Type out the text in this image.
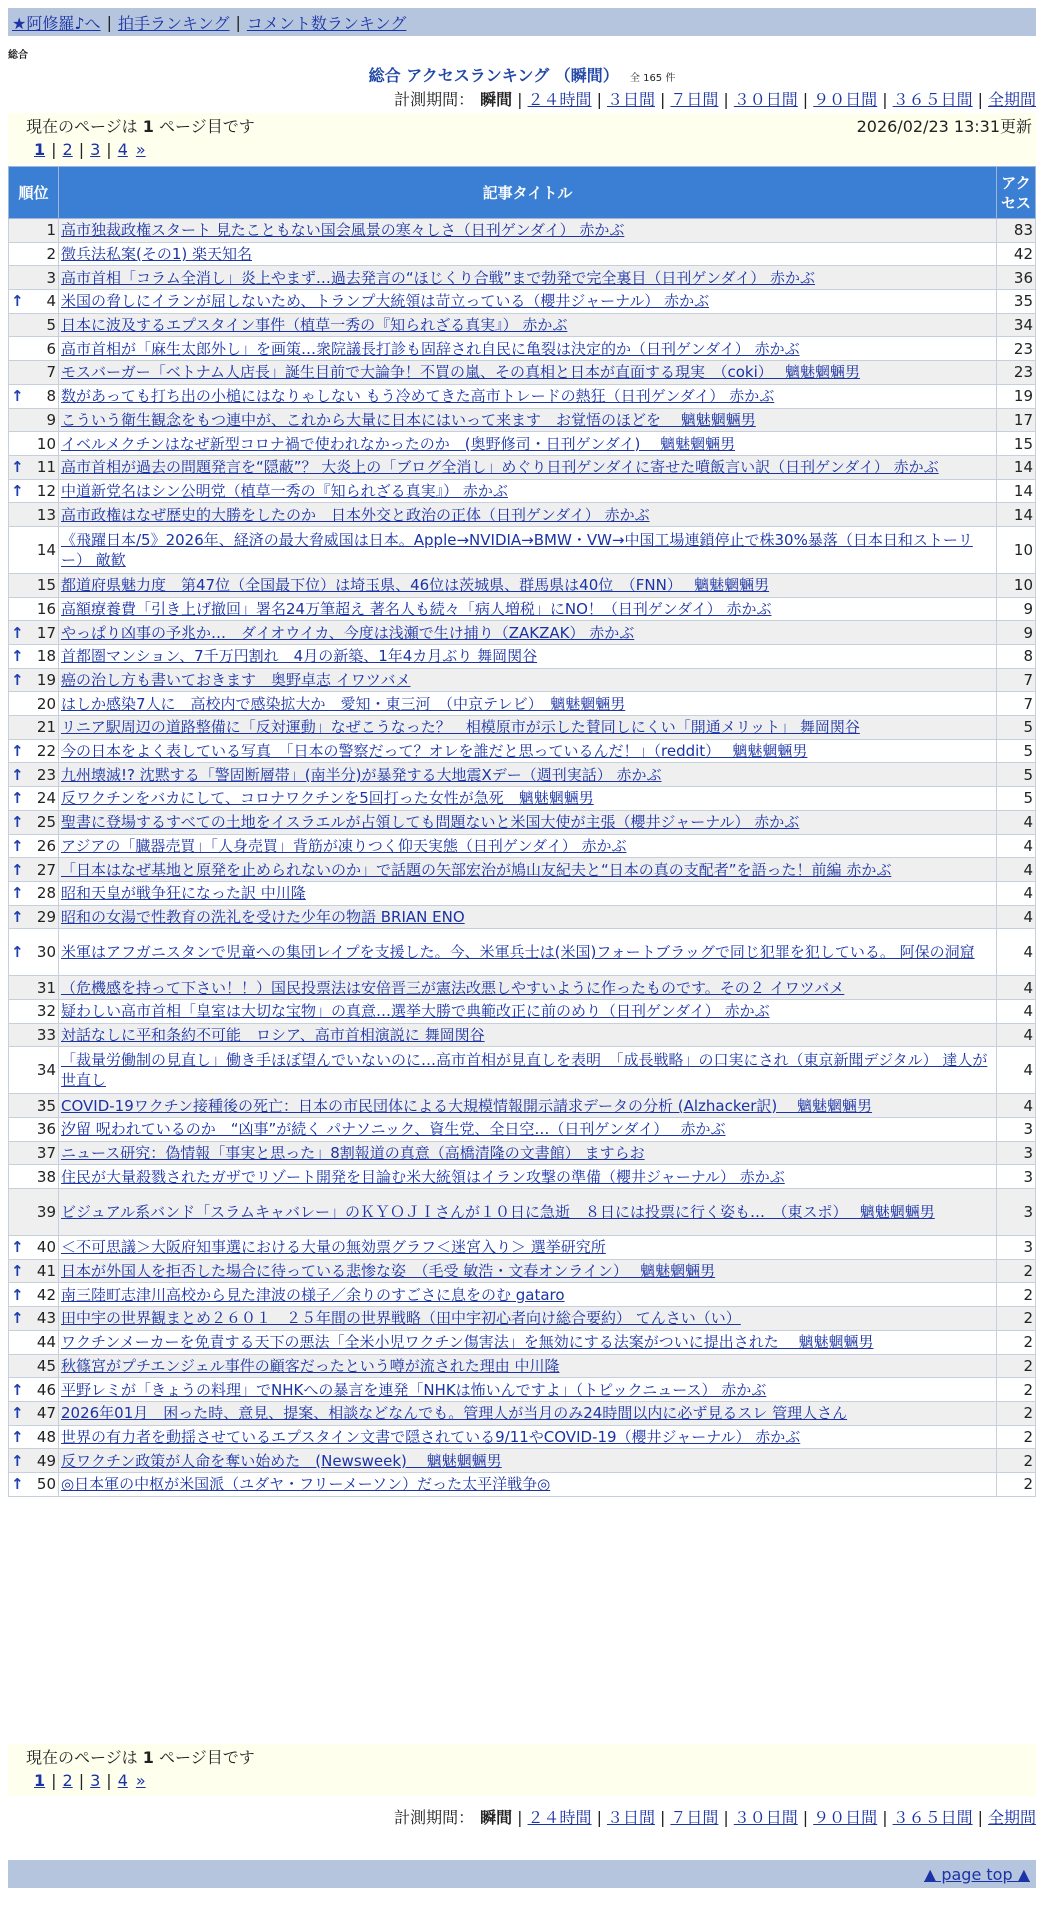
★阿修羅♪へ | 拍手ランキング | コメント数ランキング
総合
総合 アクセスランキング （瞬間） 全 165 件
計測期間： 瞬間 | ２４時間 | ３日間 | ７日間 | ３０日間 | ９０日間 | ３６５日間 | 全期間
現在のページは 1 ページ目です	2026/02/23 13:31更新
1 | 2 | 3 | 4 »
順位	記事タイトル	アクセス
1	高市独裁政権スタート 見たこともない国会風景の寒々しさ（日刊ゲンダイ） 赤かぶ	83
2	徴兵法私案(その1) 楽天知名	42
3	高市首相「コラム全消し」炎上やまず…過去発言の“ほじくり合戦”まで勃発で完全裏目（日刊ゲンダイ） 赤かぶ	36

↑ 4	米国の脅しにイランが屈しないため、トランプ大統領は苛立っている（櫻井ジャーナル） 赤かぶ	35
5	日本に波及するエプスタイン事件（植草一秀の『知られざる真実』） 赤かぶ	34
6	高市首相が「麻生太郎外し」を画策…衆院議長打診も固辞され自民に亀裂は決定的か（日刊ゲンダイ） 赤かぶ	23
7	モスバーガー「ベトナム人店長」誕生目前で大論争！不買の嵐、その真相と日本が直面する現実　（coki）　 魑魅魍魎男	23

↑ 8	数があっても打ち出の小槌にはなりゃしない もう冷めてきた高市トレードの熱狂（日刊ゲンダイ） 赤かぶ	19
9	こういう衛生観念をもつ連中が、これから大量に日本にはいって来ます　お覚悟のほどを　 魑魅魍魎男	17
10	イベルメクチンはなぜ新型コロナ禍で使われなかったのか　(奥野修司・日刊ゲンダイ)　 魑魅魍魎男	15

↑ 11	高市首相が過去の問題発言を“隠蔽”？ 大炎上の「ブログ全消し」めぐり日刊ゲンダイに寄せた噴飯言い訳（日刊ゲンダイ） 赤かぶ	14

↑ 12	中道新党名はシン公明党（植草一秀の『知られざる真実』） 赤かぶ	14
13	高市政権はなぜ歴史的大勝をしたのか　日本外交と政治の正体（日刊ゲンダイ） 赤かぶ	14
14	《飛躍日本/5》2026年、経済の最大脅威国は日本。Apple→NVIDIA→BMW・VW→中国工場連鎖停止で株30%暴落（日本日和ストーリー） 敵歓	10
15	都道府県魅力度　第47位（全国最下位）は埼玉県、46位は茨城県、群馬県は40位　（FNN）　 魑魅魍魎男	10
16	高額療養費「引き上げ撤回」署名24万筆超え 著名人も続々「病人増税」にNO！（日刊ゲンダイ） 赤かぶ	9

↑ 17	やっぱり凶事の予兆か…　ダイオウイカ、今度は浅瀬で生け捕り（ZAKZAK） 赤かぶ	9

↑ 18	首都圏マンション、7千万円割れ　4月の新築、1年4カ月ぶり 舞岡関谷	8

↑ 19	癌の治し方も書いておきます　奥野卓志 イワツバメ	7
20	はしか感染7人に　高校内で感染拡大か　愛知・東三河　（中京テレビ）　魑魅魍魎男	7
21	リニア駅周辺の道路整備に「反対運動」なぜこうなった？　相模原市が示した賛同しにくい「開通メリット」 舞岡関谷	5

↑ 22	今の日本をよく表している写真　「日本の警察だって？オレを誰だと思っているんだ！」（reddit）　 魑魅魍魎男	5

↑ 23	九州壊滅!? 沈黙する「警固断層帯」(南半分)が暴発する大地震Xデー（週刊実話） 赤かぶ	5

↑ 24	反ワクチンをバカにして、コロナワクチンを5回打った女性が急死　魑魅魍魎男	5

↑ 25	聖書に登場するすべての土地をイスラエルが占領しても問題ないと米国大使が主張（櫻井ジャーナル） 赤かぶ	4

↑ 26	アジアの「臓器売買」「人身売買」背筋が凍りつく仰天実態（日刊ゲンダイ） 赤かぶ	4

↑ 27	「日本はなぜ基地と原発を止められないのか」で話題の矢部宏治が鳩山友紀夫と“日本の真の支配者”を語った！前編 赤かぶ	4

↑ 28	昭和天皇が戦争狂になった訳 中川隆	4

↑ 29	昭和の女湯で性教育の洗礼を受けた少年の物語 BRIAN ENO	4

↑ 30	米軍はアフガニスタンで児童への集団レイプを支援した。今、米軍兵士は(米国)フォートブラッグで同じ犯罪を犯している。 阿保の洞窟	4
31	（危機感を持って下さい！！）国民投票法は安倍晋三が憲法改悪しやすいように作ったものです。その２ イワツバメ	4
32	疑わしい高市首相「皇室は大切な宝物」の真意…選挙大勝で典範改正に前のめり（日刊ゲンダイ） 赤かぶ	4
33	対話なしに平和条約不可能　ロシア、高市首相演説に 舞岡関谷	4
34	「裁量労働制の見直し」働き手ほぼ望んでいないのに…高市首相が見直しを表明　「成長戦略」の口実にされ（東京新聞デジタル） 達人が世直し	4
35	COVID-19ワクチン接種後の死亡：日本の市民団体による大規模情報開示請求データの分析 (Alzhacker訳)　 魑魅魍魎男	4
36	汐留 呪われているのか　“凶事”が続く パナソニック、資生党、全日空…（日刊ゲンダイ）　 赤かぶ	3
37	ニュース研究：偽情報「事実と思った」8割報道の真意（高橋清隆の文書館） ますらお	3
38	住民が大量殺戮されたガザでリゾート開発を目論む米大統領はイラン攻撃の準備（櫻井ジャーナル） 赤かぶ	3
39	ビジュアル系バンド「スラムキャバレー」のＫＹＯＪＩさんが１０日に急逝　８日には投票に行く姿も…　（東スポ）　 魑魅魍魎男	3

↑ 40	＜不可思議＞大阪府知事選における大量の無効票グラフ＜迷宮入り＞ 選挙研究所	3

↑ 41	日本が外国人を拒否した場合に待っている悲惨な姿　（毛受 敏浩・文春オンライン）　 魑魅魍魎男	2

↑ 42	南三陸町志津川高校から見た津波の様子／余りのすごさに息をのむ gataro	2

↑ 43	田中宇の世界観まとめ２６０１　２５年間の世界戦略（田中宇初心者向け総合要約） てんさい（い）	2
44	ワクチンメーカーを免責する天下の悪法「全米小児ワクチン傷害法」を無効にする法案がついに提出された　 魑魅魍魎男	2
45	秋篠宮がプチエンジェル事件の顧客だったという噂が流された理由 中川隆	2

↑ 46	平野レミが「きょうの料理」でNHKへの暴言を連発「NHKは怖いんですよ」（トピックニュース） 赤かぶ	2

↑ 47	2026年01月　困った時、意見、提案、相談などなんでも。管理人が当月のみ24時間以内に必ず見るスレ 管理人さん	2

↑ 48	世界の有力者を動揺させているエプスタイン文書で隠されている9/11やCOVID-19（櫻井ジャーナル） 赤かぶ	2

↑ 49	反ワクチン政策が人命を奪い始めた　(Newsweek)　 魑魅魍魎男	2

↑ 50	◎日本軍の中枢が米国派（ユダヤ・フリーメーソン）だった太平洋戦争◎	2
現在のページは 1 ページ目です
1 | 2 | 3 | 4 »
計測期間： 瞬間 | ２４時間 | ３日間 | ７日間 | ３０日間 | ９０日間 | ３６５日間 | 全期間
▲ page top ▲
